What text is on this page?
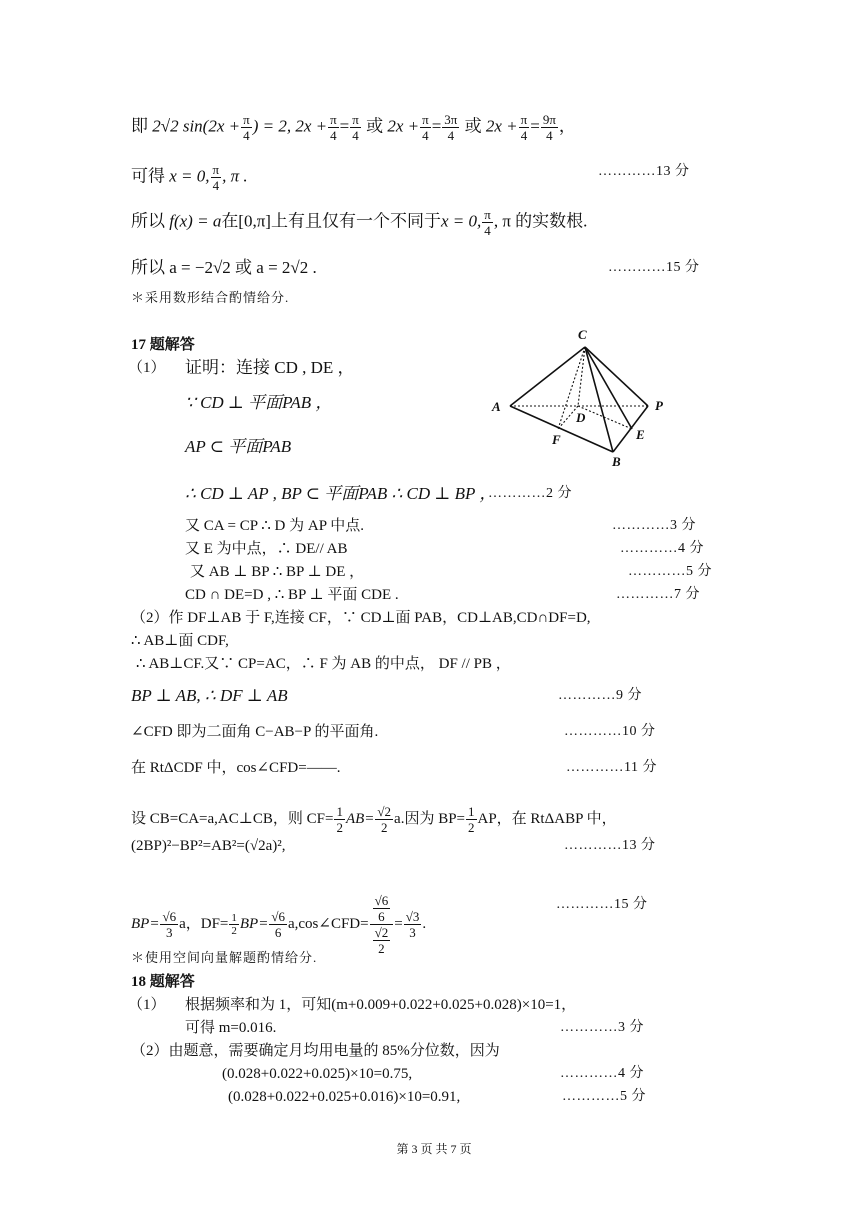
即 2√2 $\sin(2x + \frac{\pi}{4}$ ) = 2, $2x + \frac{\pi}{4} = \frac{\pi}{4}$ 或 $2x + \frac{\pi}{4} = \frac{3\pi}{4}$ 或 $2x + \frac{\pi}{4} = \frac{9\pi}{4}$ ，
可得 x = 0, $\frac{\pi}{4}$ , π .	…………13 分
所以 f(x) = a在[0,π]上有且仅有一个不同于x = 0, $\frac{\pi}{4}$ , π 的实数根.
所以 a = −2√2 或 a = 2√2 .	…………15 分
＊采用数形结合酌情给分.
17 题解答
（1） 证明：连接 CD , DE ，
∵ CD ⊥ 平面PAB ，
AP ⊂ 平面PAB
∴ CD ⊥ AP , BP ⊂ 平面PAB ∴ CD ⊥ BP ，
…………2 分
又 CA = CP ∴ D 为 AP 中点.	…………3 分
又 E 为中点，∴ DE// AB	…………4 分
又 AB ⊥ BP ∴ BP ⊥ DE ，	…………5 分
CD ∩ DE=D , ∴ BP ⊥ 平面 CDE .	…………7 分
（2）作 DF⊥AB 于 F,连接 CF，∵ CD⊥面 PAB，CD⊥AB,CD∩DF=D,
∴ AB⊥面 CDF,
∴ AB⊥CF.又∵ CP=AC，∴ F 为 AB 的中点， DF // PB ，
BP ⊥ AB, ∴ DF ⊥ AB	…………9 分
∠CFD 即为二面角 C−AB−P 的平面角.	…………10 分
在 RtΔCDF 中，cos∠CFD=——.	…………11 分
设 CB=CA=a,AC⊥CB，则 $CF= \frac{1}{2} AB= \frac{√2}{2} a$.因为 $BP= \frac{1}{2}$ AP，在 RtΔABP 中，
(2BP)²−BP²=AB²=(√2a)²,	…………13 分
$BP= \frac{√6}{3}$ a，$DF= \frac{1}{2} BP= \frac{√6}{6}$ a,cos∠CFD= $\frac{\frac{√6}{6}}{\frac{√2}{2}} = \frac{√3}{3}$ .
…………15 分
＊使用空间向量解题酌情给分.
18 题解答
（1） 根据频率和为 1，可知(m+0.009+0.022+0.025+0.028)×10=1，
可得 m=0.016.	…………3 分
（2）由题意，需要确定月均用电量的 85%分位数，因为
(0.028+0.022+0.025)×10=0.75,	…………4 分
(0.028+0.022+0.025+0.016)×10=0.91,	…………5 分
C
A	P
D
F	E
B
第 3 页 共 7 页
